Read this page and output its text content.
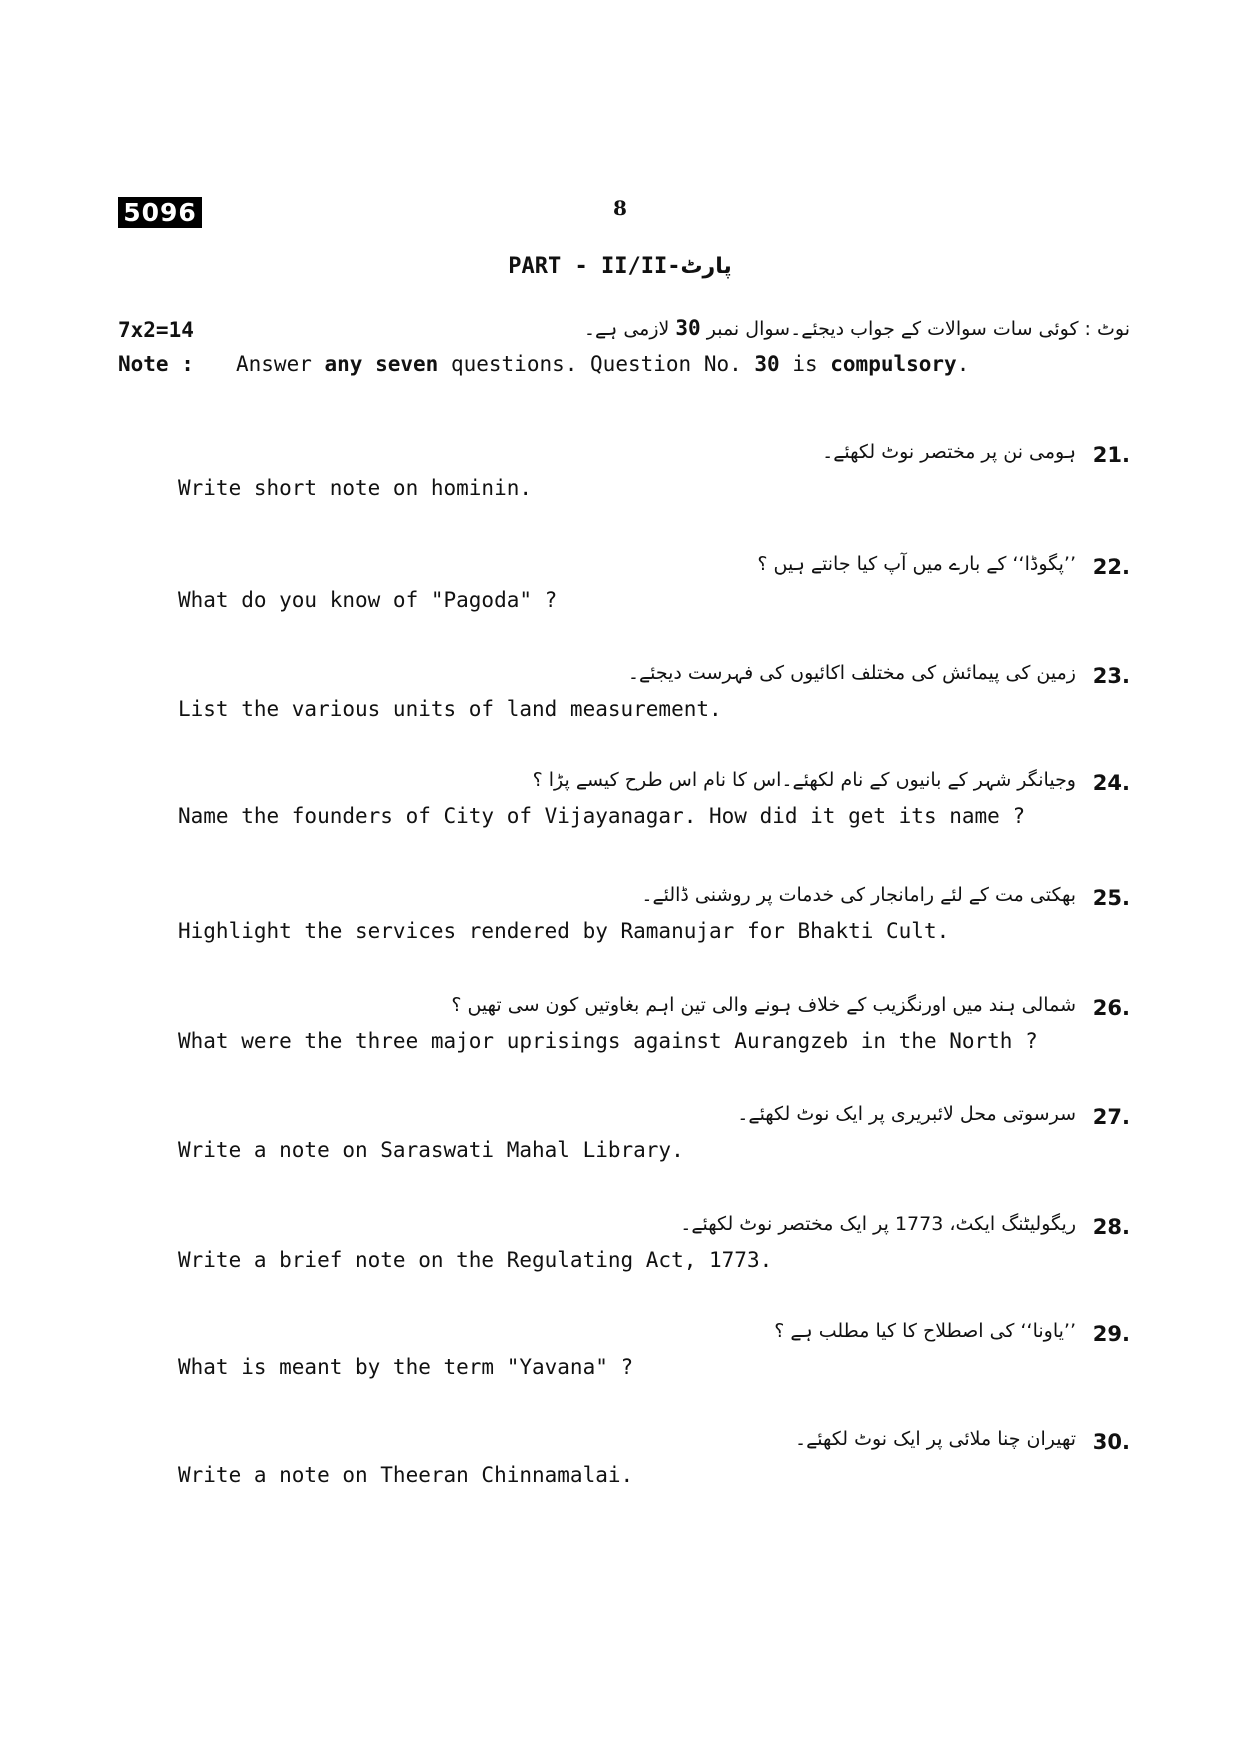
5096	8
PART - II/II-پارٹ
7x2=14	نوٹ : کوئی سات سوالات کے جواب دیجئے۔سوال نمبر 30 لازمی ہے۔
Note : Answer any seven questions. Question No. 30 is compulsory.
21.
ہومی نن پر مختصر نوٹ لکھئے۔
Write short note on hominin.
22.
’’پگوڈا‘‘ کے بارے میں آپ کیا جانتے ہیں ؟
What do you know of "Pagoda" ?
23.
زمین کی پیمائش کی مختلف اکائیوں کی فہرست دیجئے۔
List the various units of land measurement.
24.
وجیانگر شہر کے بانیوں کے نام لکھئے۔اس کا نام اس طرح کیسے پڑا ؟
Name the founders of City of Vijayanagar. How did it get its name ?
25.
بھکتی مت کے لئے رامانجار کی خدمات پر روشنی ڈالئے۔
Highlight the services rendered by Ramanujar for Bhakti Cult.
26.
شمالی ہند میں اورنگزیب کے خلاف ہونے والی تین اہم بغاوتیں کون سی تھیں ؟
What were the three major uprisings against Aurangzeb in the North ?
27.
سرسوتی محل لائبریری پر ایک نوٹ لکھئے۔
Write a note on Saraswati Mahal Library.
28.
ریگولیٹنگ ایکٹ، 1773 پر ایک مختصر نوٹ لکھئے۔
Write a brief note on the Regulating Act, 1773.
29.
’’یاونا‘‘ کی اصطلاح کا کیا مطلب ہے ؟
What is meant by the term "Yavana" ?
30.
تھیران چنا ملائی پر ایک نوٹ لکھئے۔
Write a note on Theeran Chinnamalai.
